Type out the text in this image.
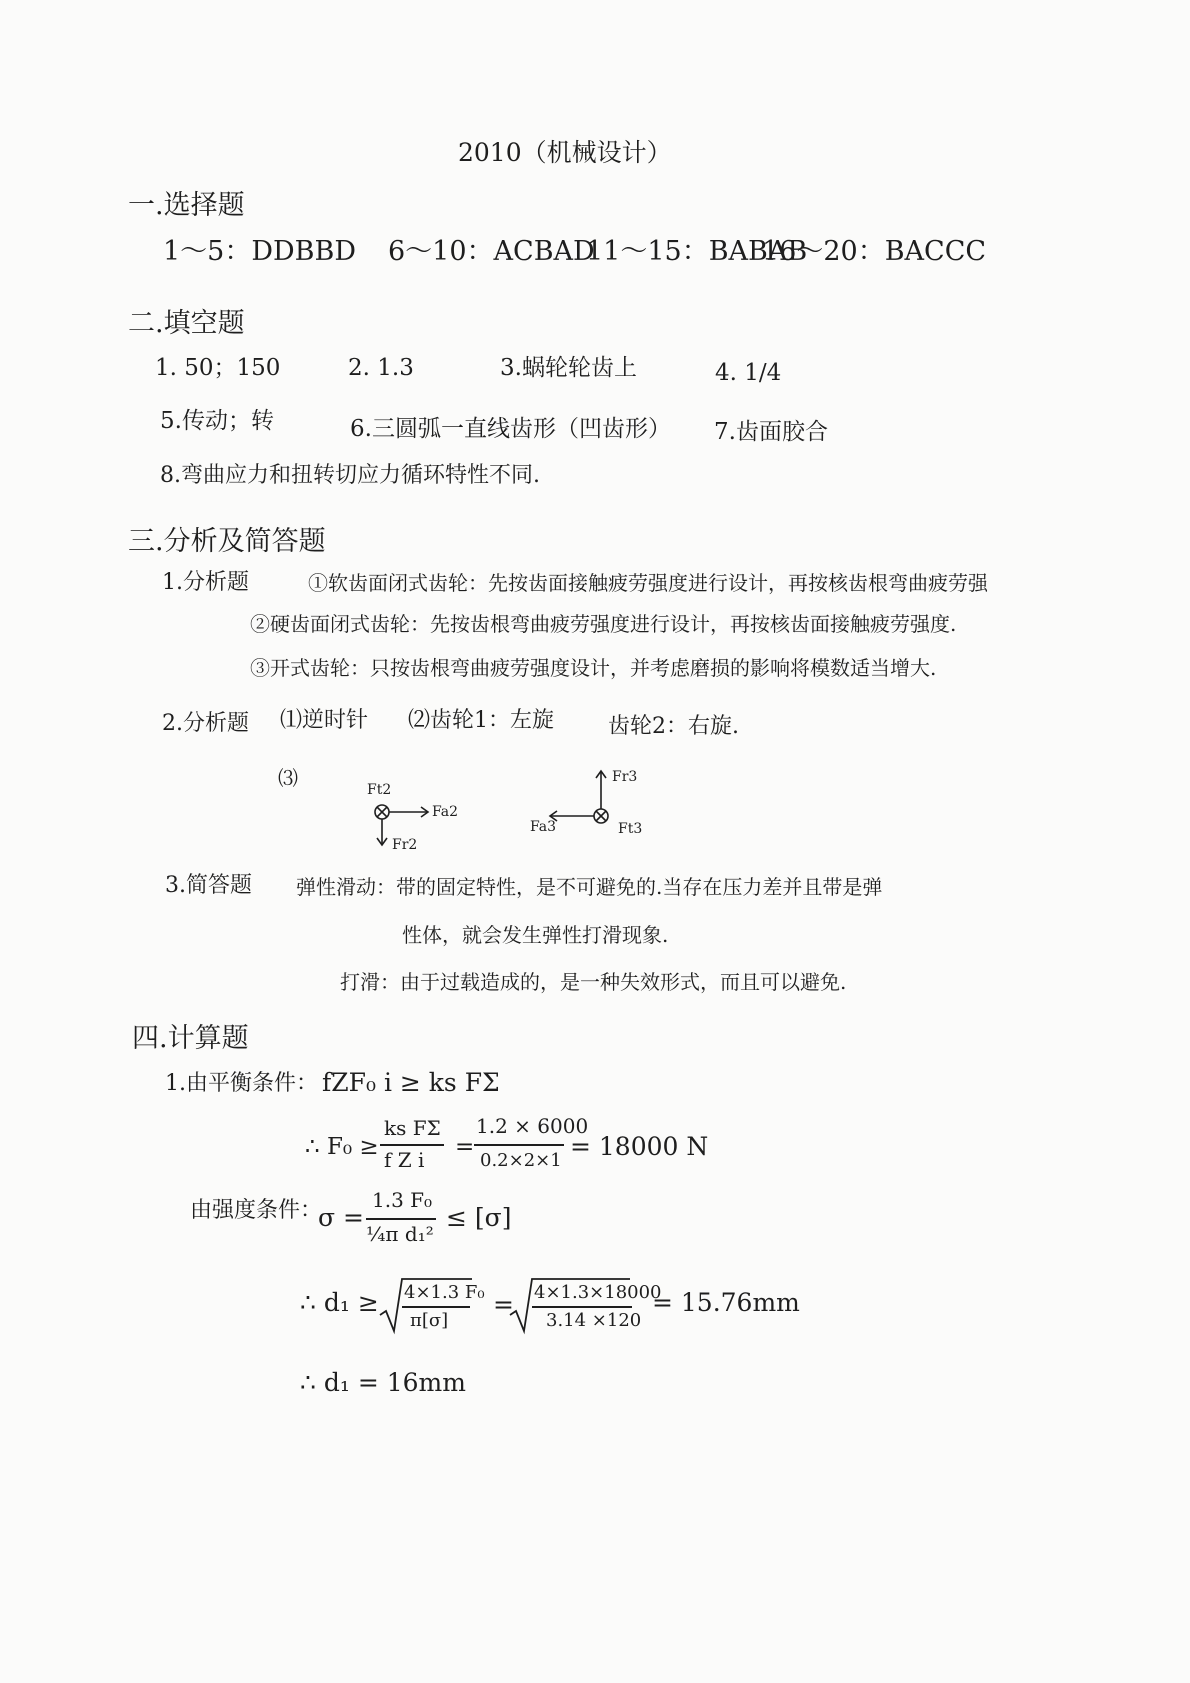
2010（机械设计）
一.选择题
1～5：DDBBD 6～10：ACBAD
11～15：BABAB
16～20：BACCC
二.填空题
1. 50；150	2. 1.3	3.蜗轮轮齿上	4. 1/4
5.传动；转	6.三圆弧一直线齿形（凹齿形） 7.齿面胶合
8.弯曲应力和扭转切应力循环特性不同.
三.分析及简答题
1.分析题	①软齿面闭式齿轮：先按齿面接触疲劳强度进行设计，再按核齿根弯曲疲劳强
②硬齿面闭式齿轮：先按齿根弯曲疲劳强度进行设计，再按核齿面接触疲劳强度.
③开式齿轮：只按齿根弯曲疲劳强度设计，并考虑磨损的影响将模数适当增大.
2.分析题 ⑴逆时针 ⑵齿轮1：左旋 齿轮2：右旋.
⑶	Ft2
Fa2
Fr2
Fr3
Fa3	Ft3
3.简答题 弹性滑动：带的固定特性，是不可避免的.当存在压力差并且带是弹
性体，就会发生弹性打滑现象.
打滑：由于过载造成的，是一种失效形式，而且可以避免.
四.计算题
1.由平衡条件： fZF₀ i ≥ ks FΣ
∴ F₀ ≥
ks FΣ
f Z i =
1.2 × 6000
0.2×2×1 = 18000 N
由强度条件：
σ =
1.3 F₀
¼π d₁²
≤ [σ]
∴ d₁ ≥ 4×1.3 F₀
π[σ]
= 4×1.3×18000
3.14 ×120
= 15.76mm
∴ d₁ = 16mm
